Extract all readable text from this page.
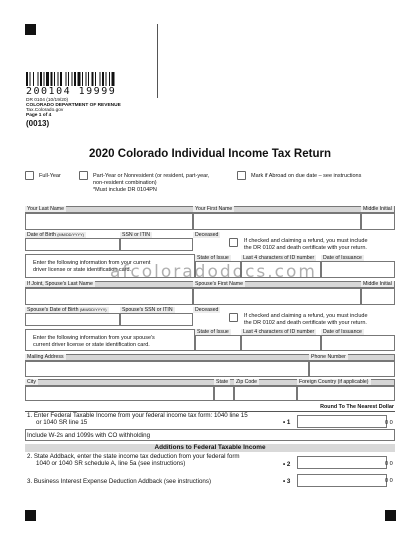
200104 19999
DR 0104 (10/19/20)
COLORADO DEPARTMENT OF REVENUE
Tax.Colorado.gov
Page 1 of 4
(0013)
2020 Colorado Individual Income Tax Return
Full-Year	Part-Year or Nonresident (or resident, part-year,
non-resident combination)
*Must include DR 0104PN
Mark if Abroad on due date – see instructions
Your Last Name	Your First Name	Middle Initial
Date of Birth (MM/DD/YYYY)	SSN or ITIN	Deceased
If checked and claiming a refund, you must include
the DR 0102 and death certificate with your return.
Enter the following information from your current
driver license or state identification card.
State of Issue	Last 4 characters of ID number	Date of Issuance
If Joint, Spouse's Last Name	Spouse's First Name	Middle Initial
Spouse's Date of Birth (MM/DD/YYYY)	Spouse's SSN or ITIN	Deceased
If checked and claiming a refund, you must include
the DR 0102 and death certificate with your return.
Enter the following information from your spouse's
current driver license or state identification card.
State of Issue	Last 4 characters of ID number	Date of Issuance
Mailing Address	Phone Number
City	State	Zip Code	Foreign Country (if applicable)
Round To The Nearest Dollar
1. Enter Federal Taxable Income from your federal income tax form: 1040 line 15
or 1040 SR line 15	• 1	0 0
Include W-2s and 1099s with CO withholding
Additions to Federal Taxable Income
2. State Addback, enter the state income tax deduction from your federal form
1040 or 1040 SR schedule A, line 5a (see instructions)	• 2	0 0
3. Business Interest Expense Deduction Addback (see instructions)	• 3	0 0
afcoloradodocs.com
